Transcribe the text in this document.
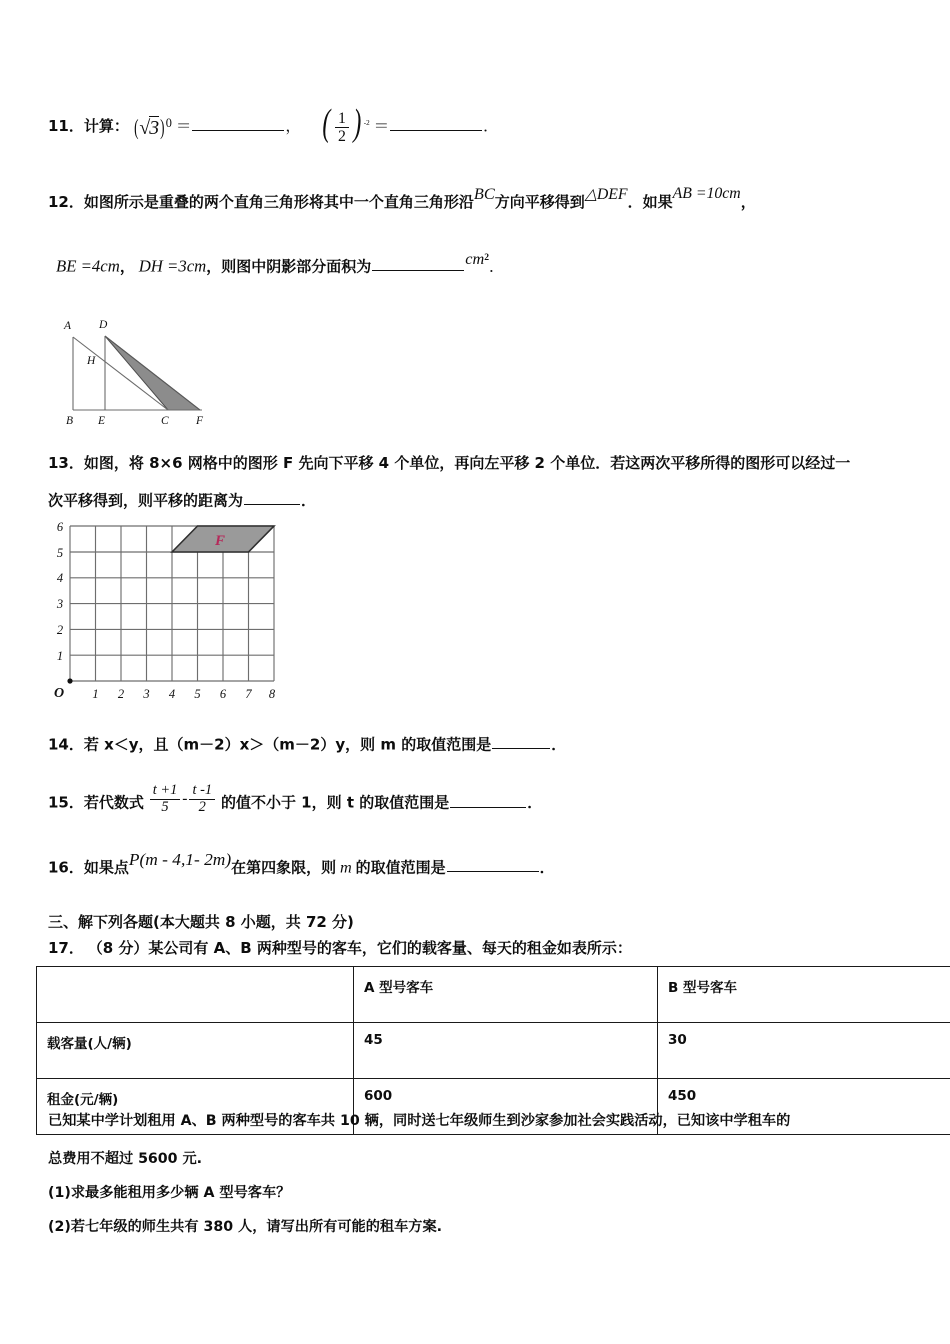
11．计算： $(√3)^0$ ＝	， ( $\frac{1}{2}$ ) $^{-2}$ ＝	．
12．如图所示是重叠的两个直角三角形将其中一个直角三角形沿BC方向平移得到△DEF．如果AB =10cm，
BE =4cm， DH =3cm，则图中阴影部分面积为	$cm^2$．
A D
H
B E	C F
13．如图，将 8×6 网格中的图形 F 先向下平移 4 个单位，再向左平移 2 个单位．若这两次平移所得的图形可以经过一
次平移得到，则平移的距离为	．
F
O 1 2 3 4 5 6 7 8
1
2
3
4
5
6
14．若 x＜y，且（m－2）x＞（m－2）y，则 m 的取值范围是	．
15．若代数式 $\frac{t +1}{5} - \frac{t -1}{2}$ 的值不小于 1，则 t 的取值范围是	．
16．如果点P(m - 4,1- 2m)在第四象限，则 m 的取值范围是	．
三、解下列各题(本大题共 8 小题，共 72 分)
17． （8 分）某公司有 A、B 两种型号的客车，它们的载客量、每天的租金如表所示：
	A 型号客车	B 型号客车
载客量(人/辆)	45	30
租金(元/辆)	600	450
已知某中学计划租用 A、B 两种型号的客车共 10 辆，同时送七年级师生到沙家参加社会实践活动，已知该中学租车的
总费用不超过 5600 元.
(1)求最多能租用多少辆 A 型号客车？
(2)若七年级的师生共有 380 人，请写出所有可能的租车方案.
